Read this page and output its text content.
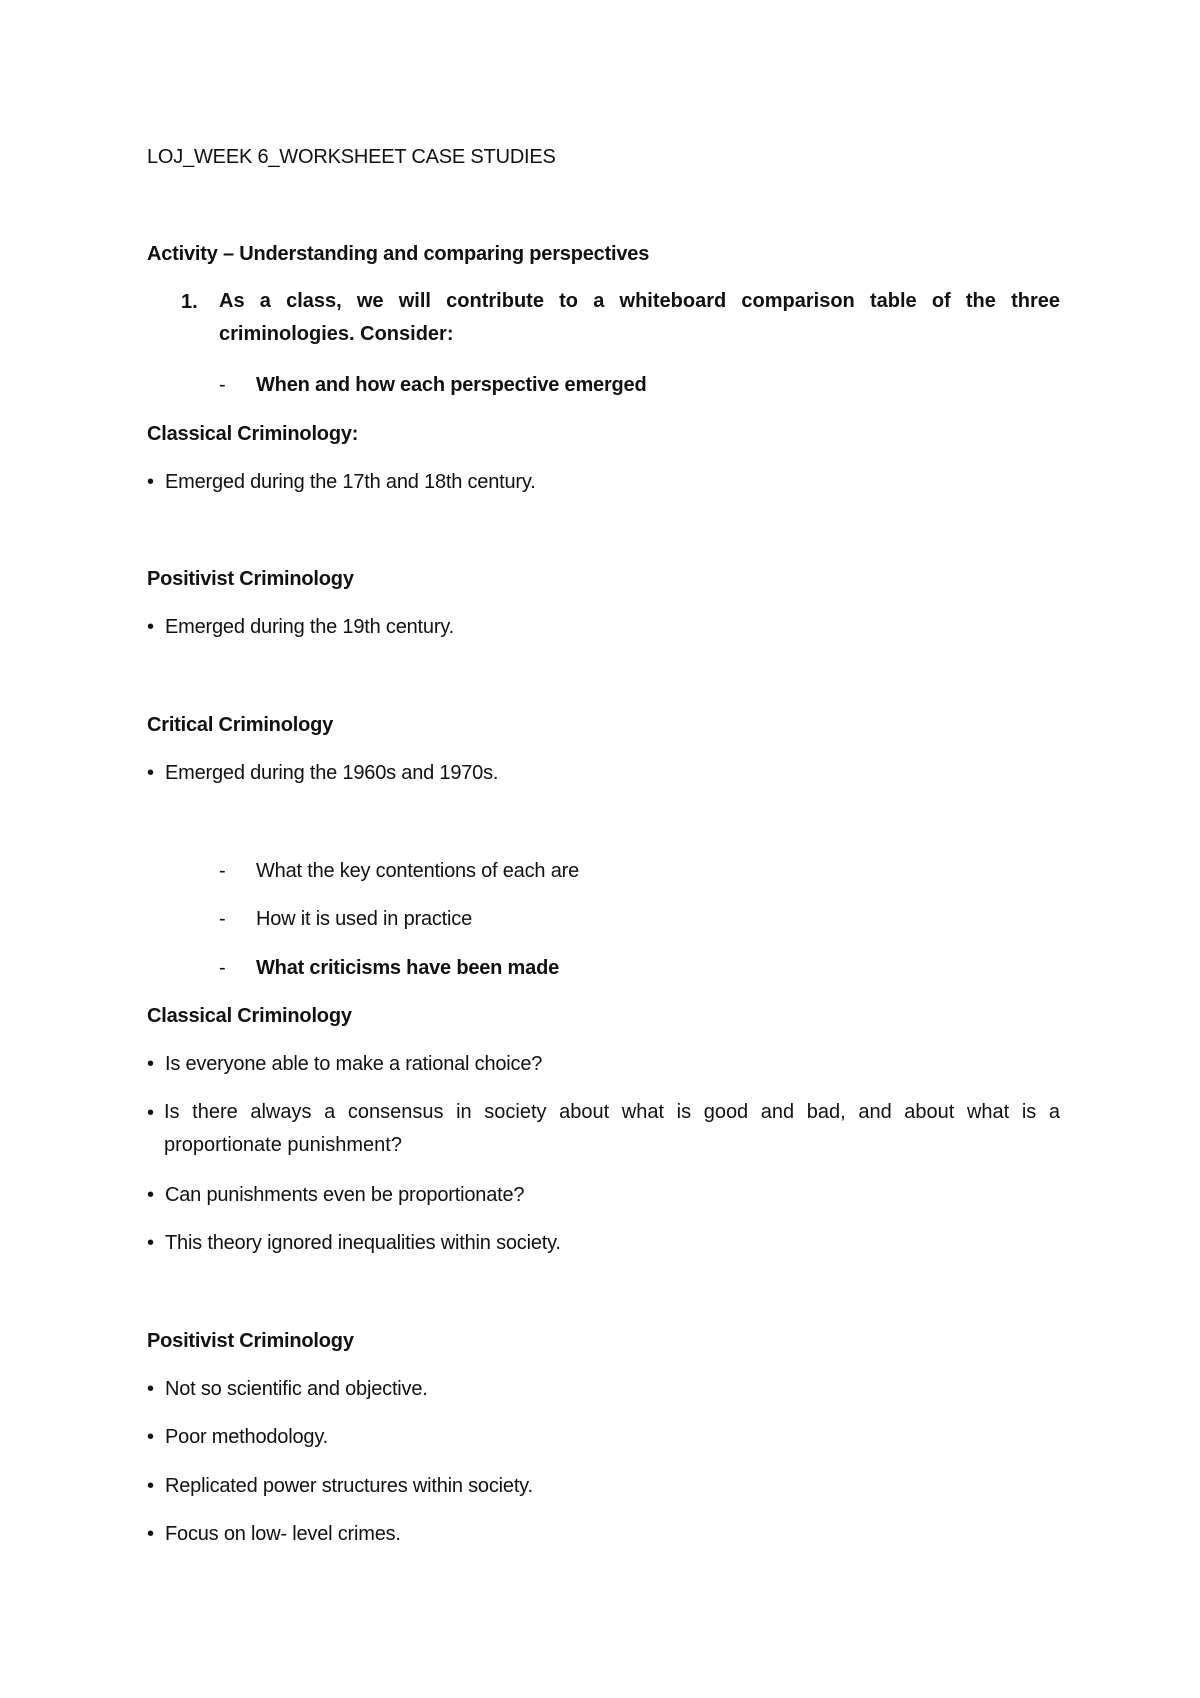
LOJ_WEEK 6_WORKSHEET CASE STUDIES
Activity – Understanding and comparing perspectives
1. As a class, we will contribute to a whiteboard comparison table of the three criminologies. Consider:
- When and how each perspective emerged
Classical Criminology:
• Emerged during the 17th and 18th century.
Positivist Criminology
• Emerged during the 19th century.
Critical Criminology
• Emerged during the 1960s and 1970s.
- What the key contentions of each are
- How it is used in practice
- What criticisms have been made
Classical Criminology
• Is everyone able to make a rational choice?
• Is there always a consensus in society about what is good and bad, and about what is a proportionate punishment?
• Can punishments even be proportionate?
• This theory ignored inequalities within society.
Positivist Criminology
• Not so scientific and objective.
• Poor methodology.
• Replicated power structures within society.
• Focus on low- level crimes.
